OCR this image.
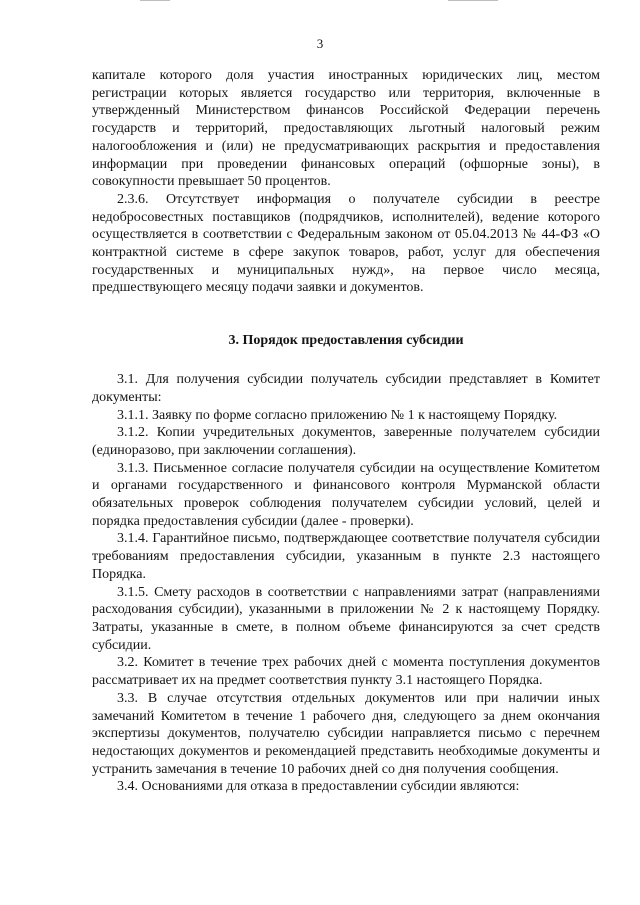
3

капитале которого доля участия иностранных юридических лиц, местом регистрации которых является государство или территория, включенные в утвержденный Министерством финансов Российской Федерации перечень государств и территорий, предоставляющих льготный налоговый режим налогообложения и (или) не предусматривающих раскрытия и предоставления информации при проведении финансовых операций (офшорные зоны), в совокупности превышает 50 процентов.

2.3.6. Отсутствует информация о получателе субсидии в реестре недобросовестных поставщиков (подрядчиков, исполнителей), ведение которого осуществляется в соответствии с Федеральным законом от 05.04.2013 № 44-ФЗ «О контрактной системе в сфере закупок товаров, работ, услуг для обеспечения государственных и муниципальных нужд», на первое число месяца, предшествующего месяцу подачи заявки и документов.

3. Порядок предоставления субсидии

3.1. Для получения субсидии получатель субсидии представляет в Комитет документы:

3.1.1. Заявку по форме согласно приложению № 1 к настоящему Порядку.

3.1.2. Копии учредительных документов, заверенные получателем субсидии (единоразово, при заключении соглашения).

3.1.3. Письменное согласие получателя субсидии на осуществление Комитетом и органами государственного и финансового контроля Мурманской области обязательных проверок соблюдения получателем субсидии условий, целей и порядка предоставления субсидии (далее - проверки).

3.1.4. Гарантийное письмо, подтверждающее соответствие получателя субсидии требованиям предоставления субсидии, указанным в пункте 2.3 настоящего Порядка.

3.1.5. Смету расходов в соответствии с направлениями затрат (направлениями расходования субсидии), указанными в приложении № 2 к настоящему Порядку. Затраты, указанные в смете, в полном объеме финансируются за счет средств субсидии.

3.2. Комитет в течение трех рабочих дней с момента поступления документов рассматривает их на предмет соответствия пункту 3.1 настоящего Порядка.

3.3. В случае отсутствия отдельных документов или при наличии иных замечаний Комитетом в течение 1 рабочего дня, следующего за днем окончания экспертизы документов, получателю субсидии направляется письмо с перечнем недостающих документов и рекомендацией представить необходимые документы и устранить замечания в течение 10 рабочих дней со дня получения сообщения.

3.4. Основаниями для отказа в предоставлении субсидии являются:
